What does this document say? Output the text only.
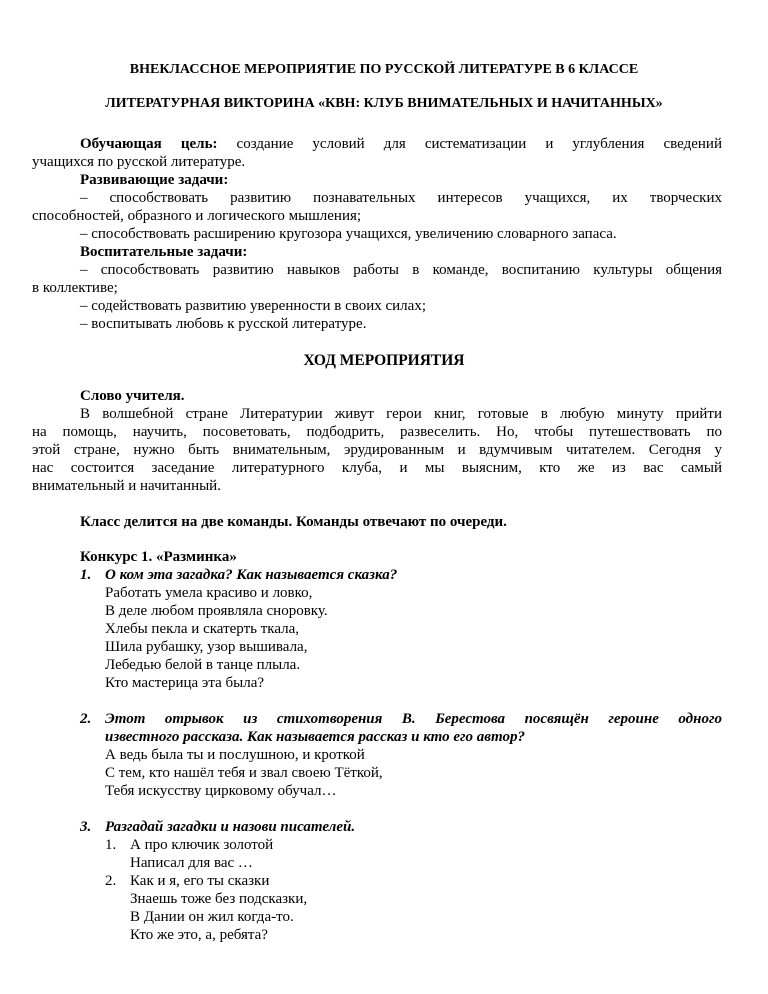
ВНЕКЛАССНОЕ МЕРОПРИЯТИЕ ПО РУССКОЙ ЛИТЕРАТУРЕ В 6 КЛАССЕ

ЛИТЕРАТУРНАЯ ВИКТОРИНА «КВН: КЛУБ ВНИМАТЕЛЬНЫХ И НАЧИТАННЫХ»

Обучающая цель: создание условий для систематизации и углубления сведений

учащихся по русской литературе.

Развивающие задачи:

– способствовать развитию познавательных интересов учащихся, их творческих

способностей, образного и логического мышления;

– способствовать расширению кругозора учащихся, увеличению словарного запаса.

Воспитательные задачи:

– способствовать развитию навыков работы в команде, воспитанию культуры общения

в коллективе;

– содействовать развитию уверенности в своих силах;

– воспитывать любовь к русской литературе.

ХОД МЕРОПРИЯТИЯ

Слово учителя.

В волшебной стране Литературии живут герои книг, готовые в любую минуту прийти

на помощь, научить, посоветовать, подбодрить, развеселить. Но, чтобы путешествовать по

этой стране, нужно быть внимательным, эрудированным и вдумчивым читателем. Сегодня у

нас состоится заседание литературного клуба, и мы выясним, кто же из вас самый

внимательный и начитанный.

Класс делится на две команды. Команды отвечают по очереди.

Конкурс 1. «Разминка»

1. О ком эта загадка? Как называется сказка?

Работать умела красиво и ловко,

В деле любом проявляла сноровку.

Хлебы пекла и скатерть ткала,

Шила рубашку, узор вышивала,

Лебедью белой в танце плыла.

Кто мастерица эта была?

2. Этот отрывок из стихотворения В. Берестова посвящён героине одного

известного рассказа. Как называется рассказ и кто его автор?

А ведь была ты и послушною, и кроткой

С тем, кто нашёл тебя и звал своею Тёткой,

Тебя искусству цирковому обучал…

3. Разгадай загадки и назови писателей.

1. А про ключик золотой

Написал для вас …

2. Как и я, его ты сказки

Знаешь тоже без подсказки,

В Дании он жил когда-то.

Кто же это, а, ребята?
